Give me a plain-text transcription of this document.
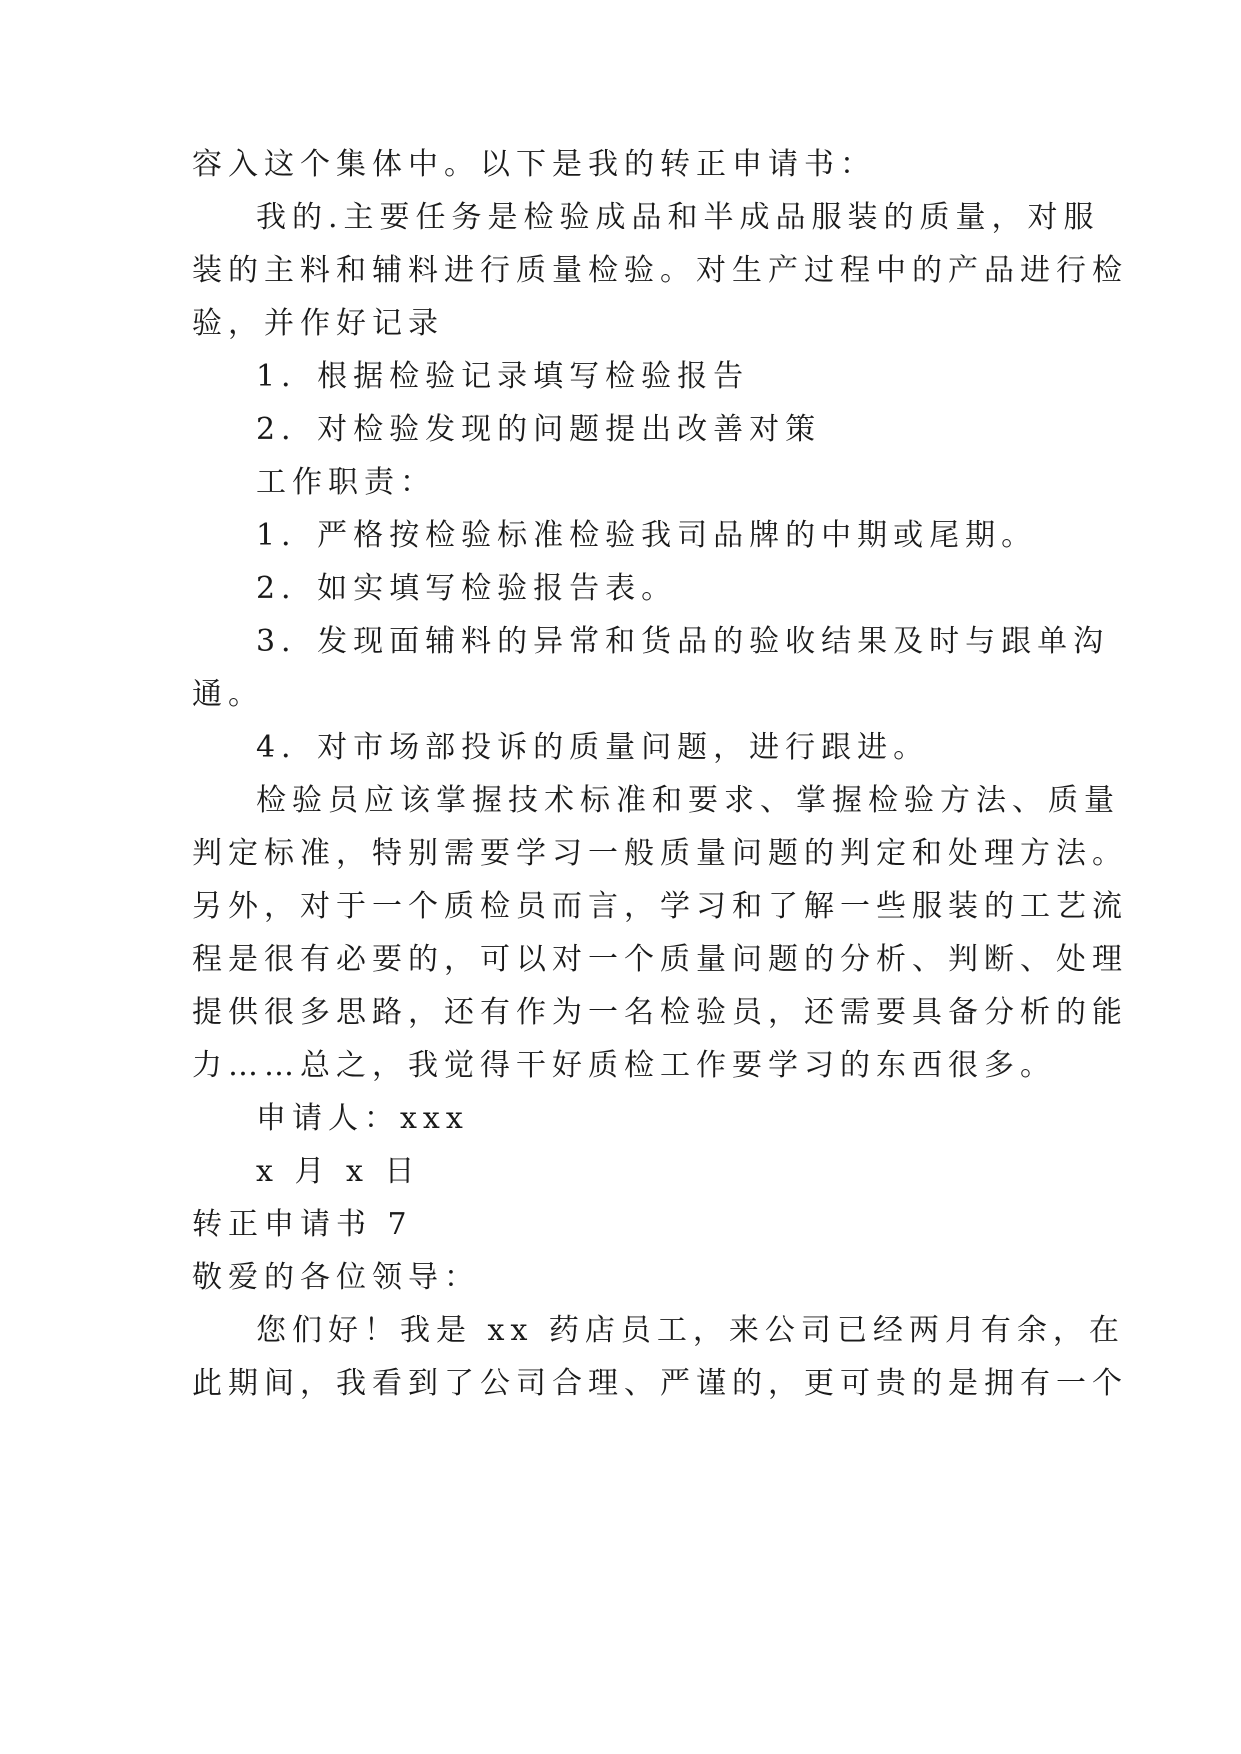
容入这个集体中。以下是我的转正申请书：
我的.主要任务是检验成品和半成品服装的质量，对服
装的主料和辅料进行质量检验。对生产过程中的产品进行检
验，并作好记录
1．根据检验记录填写检验报告
2．对检验发现的问题提出改善对策
工作职责：
1．严格按检验标准检验我司品牌的中期或尾期。
2．如实填写检验报告表。
3．发现面辅料的异常和货品的验收结果及时与跟单沟
通。
4．对市场部投诉的质量问题，进行跟进。
检验员应该掌握技术标准和要求、掌握检验方法、质量
判定标准，特别需要学习一般质量问题的判定和处理方法。
另外，对于一个质检员而言，学习和了解一些服装的工艺流
程是很有必要的，可以对一个质量问题的分析、判断、处理
提供很多思路，还有作为一名检验员，还需要具备分析的能
力……总之，我觉得干好质检工作要学习的东西很多。
申请人：xxx
x 月 x 日
转正申请书 7
敬爱的各位领导：
您们好！我是 xx 药店员工，来公司已经两月有余，在
此期间，我看到了公司合理、严谨的，更可贵的是拥有一个
